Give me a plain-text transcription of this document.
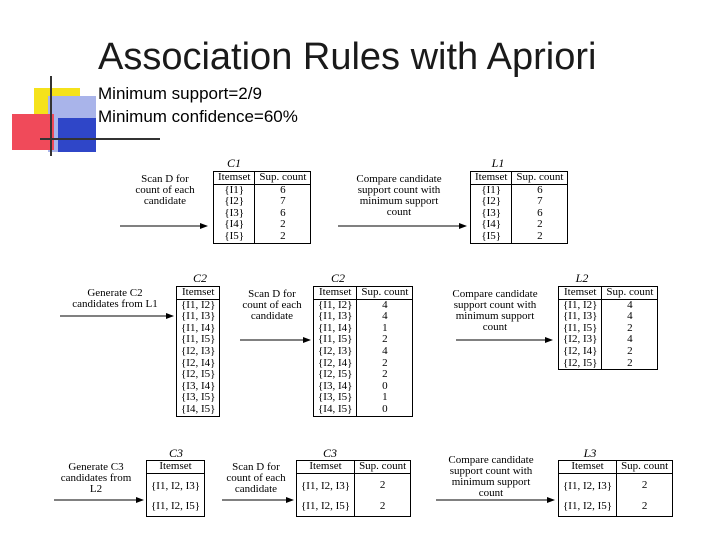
Association Rules with Apriori
Minimum support=2/9
Minimum confidence=60%
Scan D for
count of each
candidate
Compare candidate
support count with
minimum support
count
Generate C2
candidates from L1
Scan D for
count of each
candidate
Compare candidate
support count with
minimum support
count
Generate C3
candidates from
L2
Scan D for
count of each
candidate
Compare candidate
support count with
minimum support
count
C1	L1
C2	C2	L2
C3	C3	L3
Itemset	Sup. count
{I1}	6
{I2}	7
{I3}	6
{I4}	2
{I5}	2
Itemset	Sup. count
{I1}	6
{I2}	7
{I3}	6
{I4}	2
{I5}	2
Itemset
{I1, I2}
{I1, I3}
{I1, I4}
{I1, I5}
{I2, I3}
{I2, I4}
{I2, I5}
{I3, I4}
{I3, I5}
{I4, I5}
Itemset	Sup. count
{I1, I2}	4
{I1, I3}	4
{I1, I4}	1
{I1, I5}	2
{I2, I3}	4
{I2, I4}	2
{I2, I5}	2
{I3, I4}	0
{I3, I5}	1
{I4, I5}	0
Itemset	Sup. count
{I1, I2}	4
{I1, I3}	4
{I1, I5}	2
{I2, I3}	4
{I2, I4}	2
{I2, I5}	2
Itemset
{I1, I2, I3}
{I1, I2, I5}
Itemset	Sup. count
{I1, I2, I3}	2
{I1, I2, I5}	2
Itemset	Sup. count
{I1, I2, I3}	2
{I1, I2, I5}	2
